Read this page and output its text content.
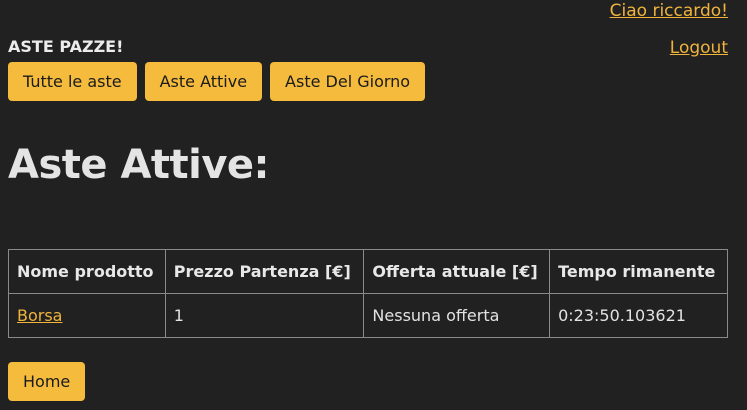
Ciao riccardo!
ASTE PAZZE!	Logout
Tutte le aste	Aste Attive	Aste Del Giorno
Aste Attive:
Nome prodotto	Prezzo Partenza [€]	Offerta attuale [€]	Tempo rimanente
Borsa	1	Nessuna offerta	0:23:50.103621
Home
